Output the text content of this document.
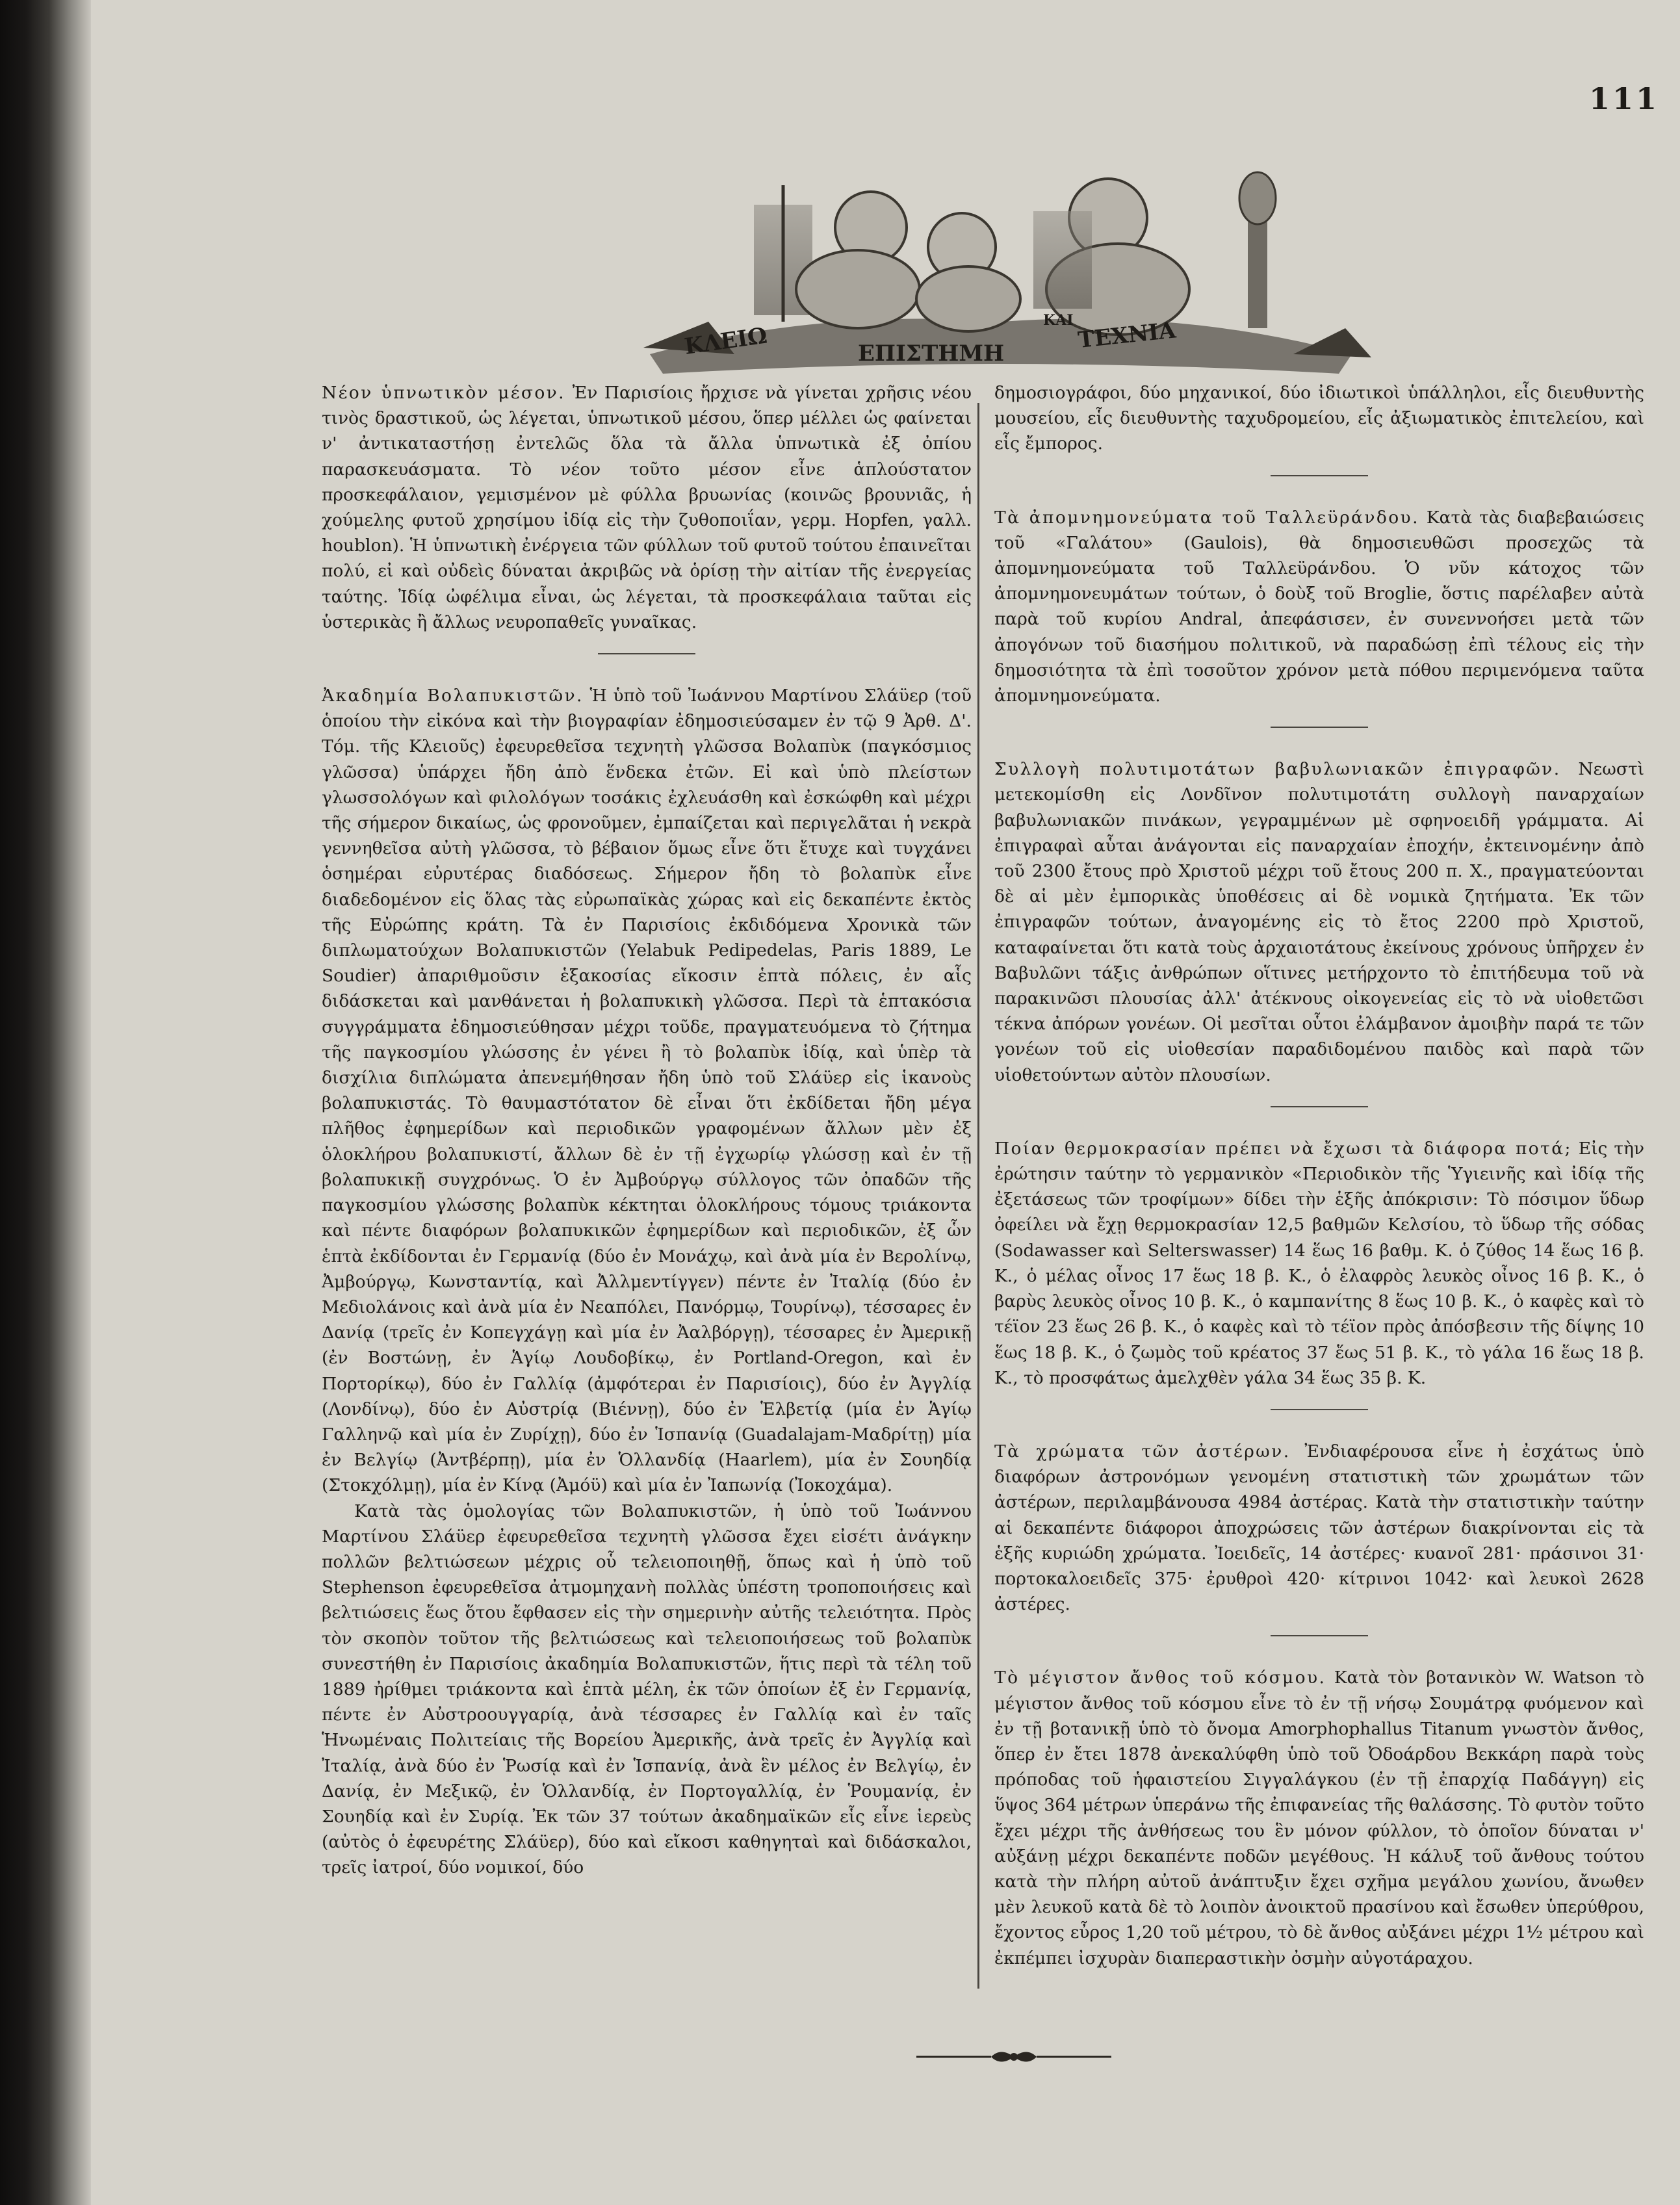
111
ΚΛΕΙΩ	ΕΠΙΣΤΗΜΗ
ΚΑΙ ΤΕΧΝΙΑ

Νέον ὑπνωτικὸν μέσον. Ἐν Παρισίοις ἤρχισε νὰ γίνεται χρῆσις νέου τινὸς δραστικοῦ, ὡς λέγεται, ὑπνωτικοῦ μέσου, ὅπερ μέλλει ὡς φαίνεται ν' ἀντικαταστήσῃ ἐντελῶς ὅλα τὰ ἄλλα ὑπνωτικὰ ἐξ ὀπίου παρασκευάσματα. Τὸ νέον τοῦτο μέσον εἶνε ἁπλούστατον προσκεφάλαιον, γεμισμένον μὲ φύλλα βρυωνίας (κοινῶς βρουνιᾶς, ἡ χούμελης φυτοῦ χρησίμου ἰδίᾳ εἰς τὴν ζυθοποιΐαν, γερμ. Hopfen, γαλλ. houblon). Ἡ ὑπνωτικὴ ἐνέργεια τῶν φύλλων τοῦ φυτοῦ τούτου ἐπαινεῖται πολύ, εἰ καὶ οὐδεὶς δύναται ἀκριβῶς νὰ ὁρίσῃ τὴν αἰτίαν τῆς ἐνεργείας ταύτης. Ἰδίᾳ ὠφέλιμα εἶναι, ὡς λέγεται, τὰ προσκεφάλαια ταῦται εἰς ὑστερικὰς ἢ ἄλλως νευροπαθεῖς γυναῖκας.

Ἀκαδημία Βολαπυκιστῶν. Ἡ ὑπὸ τοῦ Ἰωάννου Μαρτίνου Σλάϋερ (τοῦ ὁποίου τὴν εἰκόνα καὶ τὴν βιογραφίαν ἐδημοσιεύσαμεν ἐν τῷ 9 Ἀρθ. Δ'. Τόμ. τῆς Κλειοῦς) ἐφευρεθεῖσα τεχνητὴ γλῶσσα Βολαπὺκ (παγκόσμιος γλῶσσα) ὑπάρχει ἤδη ἀπὸ ἕνδεκα ἐτῶν. Εἰ καὶ ὑπὸ πλείστων γλωσσολόγων καὶ φιλολόγων τοσάκις ἐχλευάσθη καὶ ἐσκώφθη καὶ μέχρι τῆς σήμερον δικαίως, ὡς φρονοῦμεν, ἐμπαίζεται καὶ περιγελᾶται ἡ νεκρὰ γεννηθεῖσα αὐτὴ γλῶσσα, τὸ βέβαιον ὅμως εἶνε ὅτι ἔτυχε καὶ τυγχάνει ὁσημέραι εὐρυτέρας διαδόσεως. Σήμερον ἤδη τὸ βολαπὺκ εἶνε διαδεδομένον εἰς ὅλας τὰς εὐρωπαϊκὰς χώρας καὶ εἰς δεκαπέντε ἐκτὸς τῆς Εὐρώπης κράτη. Τὰ ἐν Παρισίοις ἐκδιδόμενα Χρονικὰ τῶν διπλωματούχων Βολαπυκιστῶν (Yelabuk Pedipedelas, Paris 1889, Le Soudier) ἀπαριθμοῦσιν ἑξακοσίας εἴκοσιν ἑπτὰ πόλεις, ἐν αἷς διδάσκεται καὶ μανθάνεται ἡ βολαπυκικὴ γλῶσσα. Περὶ τὰ ἑπτακόσια συγγράμματα ἐδημοσιεύθησαν μέχρι τοῦδε, πραγματευόμενα τὸ ζήτημα τῆς παγκοσμίου γλώσσης ἐν γένει ἢ τὸ βολαπὺκ ἰδίᾳ, καὶ ὑπὲρ τὰ δισχίλια διπλώματα ἀπενεμήθησαν ἤδη ὑπὸ τοῦ Σλάϋερ εἰς ἱκανοὺς βολαπυκιστάς. Τὸ θαυμαστότατον δὲ εἶναι ὅτι ἐκδίδεται ἤδη μέγα πλῆθος ἐφημερίδων καὶ περιοδικῶν γραφομένων ἄλλων μὲν ἐξ ὁλοκλήρου βολαπυκιστί, ἄλλων δὲ ἐν τῇ ἐγχωρίῳ γλώσσῃ καὶ ἐν τῇ βολαπυκικῇ συγχρόνως. Ὁ ἐν Ἀμβούργῳ σύλλογος τῶν ὀπαδῶν τῆς παγκοσμίου γλώσσης βολαπὺκ κέκτηται ὁλοκλήρους τόμους τριάκοντα καὶ πέντε διαφόρων βολαπυκικῶν ἐφημερίδων καὶ περιοδικῶν, ἐξ ὧν ἑπτὰ ἐκδίδονται ἐν Γερμανίᾳ (δύο ἐν Μονάχῳ, καὶ ἀνὰ μία ἐν Βερολίνῳ, Ἀμβούργῳ, Κωνσταντίᾳ, καὶ Ἀλλμεντίγγεν) πέντε ἐν Ἰταλίᾳ (δύο ἐν Μεδιολάνοις καὶ ἀνὰ μία ἐν Νεαπόλει, Πανόρμῳ, Τουρίνῳ), τέσσαρες ἐν Δανίᾳ (τρεῖς ἐν Κοπεγχάγῃ καὶ μία ἐν Ἀαλβόργῃ), τέσσαρες ἐν Ἀμερικῇ (ἐν Βοστώνῃ, ἐν Ἁγίῳ Λουδοβίκῳ, ἐν Portland-Oregon, καὶ ἐν Πορτορίκῳ), δύο ἐν Γαλλίᾳ (ἀμφότεραι ἐν Παρισίοις), δύο ἐν Ἀγγλίᾳ (Λονδίνῳ), δύο ἐν Αὐστρίᾳ (Βιέννῃ), δύο ἐν Ἑλβετίᾳ (μία ἐν Ἁγίῳ Γαλληνῷ καὶ μία ἐν Ζυρίχῃ), δύο ἐν Ἱσπανίᾳ (Guadalajam-Μαδρίτῃ) μία ἐν Βελγίῳ (Ἀντβέρπῃ), μία ἐν Ὁλλανδίᾳ (Haarlem), μία ἐν Σουηδίᾳ (Στοκχόλμῃ), μία ἐν Κίνᾳ (Ἀμόϋ) καὶ μία ἐν Ἰαπωνίᾳ (Ἰοκοχάμα).

Κατὰ τὰς ὁμολογίας τῶν Βολαπυκιστῶν, ἡ ὑπὸ τοῦ Ἰωάννου Μαρτίνου Σλάϋερ ἐφευρεθεῖσα τεχνητὴ γλῶσσα ἔχει εἰσέτι ἀνάγκην πολλῶν βελτιώσεων μέχρις οὗ τελειοποιηθῇ, ὅπως καὶ ἡ ὑπὸ τοῦ Stephenson ἐφευρεθεῖσα ἀτμομηχανὴ πολλὰς ὑπέστη τροποποιήσεις καὶ βελτιώσεις ἕως ὅτου ἔφθασεν εἰς τὴν σημερινὴν αὐτῆς τελειότητα. Πρὸς τὸν σκοπὸν τοῦτον τῆς βελτιώσεως καὶ τελειοποιήσεως τοῦ βολαπὺκ συνεστήθη ἐν Παρισίοις ἀκαδημία Βολαπυκιστῶν, ἥτις περὶ τὰ τέλη τοῦ 1889 ἠρίθμει τριάκοντα καὶ ἑπτὰ μέλη, ἐκ τῶν ὁποίων ἐξ ἐν Γερμανίᾳ, πέντε ἐν Αὐστροουγγαρίᾳ, ἀνὰ τέσσαρες ἐν Γαλλίᾳ καὶ ἐν ταῖς Ἡνωμέναις Πολιτείαις τῆς Βορείου Ἀμερικῆς, ἀνὰ τρεῖς ἐν Ἀγγλίᾳ καὶ Ἰταλίᾳ, ἀνὰ δύο ἐν Ῥωσίᾳ καὶ ἐν Ἱσπανίᾳ, ἀνὰ ἓν μέλος ἐν Βελγίῳ, ἐν Δανίᾳ, ἐν Μεξικῷ, ἐν Ὁλλανδίᾳ, ἐν Πορτογαλλίᾳ, ἐν Ῥουμανίᾳ, ἐν Σουηδίᾳ καὶ ἐν Συρίᾳ. Ἐκ τῶν 37 τούτων ἀκαδημαϊκῶν εἷς εἶνε ἱερεὺς (αὐτὸς ὁ ἐφευρέτης Σλάϋερ), δύο καὶ εἴκοσι καθηγηταὶ καὶ διδάσκαλοι, τρεῖς ἰατροί, δύο νομικοί, δύο

δημοσιογράφοι, δύο μηχανικοί, δύο ἰδιωτικοὶ ὑπάλληλοι, εἷς διευθυντὴς μουσείου, εἷς διευθυντὴς ταχυδρομείου, εἷς ἀξιωματικὸς ἐπιτελείου, καὶ εἷς ἔμπορος.

Τὰ ἀπομνημονεύματα τοῦ Ταλλεϋράνδου. Κατὰ τὰς διαβεβαιώσεις τοῦ «Γαλάτου» (Gaulois), θὰ δημοσιευθῶσι προσεχῶς τὰ ἀπομνημονεύματα τοῦ Ταλλεϋράνδου. Ὁ νῦν κάτοχος τῶν ἀπομνημονευμάτων τούτων, ὁ δοὺξ τοῦ Broglie, ὅστις παρέλαβεν αὐτὰ παρὰ τοῦ κυρίου Andral, ἀπεφάσισεν, ἐν συνεννοήσει μετὰ τῶν ἀπογόνων τοῦ διασήμου πολιτικοῦ, νὰ παραδώσῃ ἐπὶ τέλους εἰς τὴν δημοσιότητα τὰ ἐπὶ τοσοῦτον χρόνον μετὰ πόθου περιμενόμενα ταῦτα ἀπομνημονεύματα.

Συλλογὴ πολυτιμοτάτων βαβυλωνιακῶν ἐπιγραφῶν. Νεωστὶ μετεκομίσθη εἰς Λονδῖνον πολυτιμοτάτη συλλογὴ παναρχαίων βαβυλωνιακῶν πινάκων, γεγραμμένων μὲ σφηνοειδῆ γράμματα. Αἱ ἐπιγραφαὶ αὗται ἀνάγονται εἰς παναρχαίαν ἐποχήν, ἐκτεινομένην ἀπὸ τοῦ 2300 ἔτους πρὸ Χριστοῦ μέχρι τοῦ ἔτους 200 π. Χ., πραγματεύονται δὲ αἱ μὲν ἐμπορικὰς ὑποθέσεις αἱ δὲ νομικὰ ζητήματα. Ἐκ τῶν ἐπιγραφῶν τούτων, ἀναγομένης εἰς τὸ ἔτος 2200 πρὸ Χριστοῦ, καταφαίνεται ὅτι κατὰ τοὺς ἀρχαιοτάτους ἐκείνους χρόνους ὑπῆρχεν ἐν Βαβυλῶνι τάξις ἀνθρώπων οἵτινες μετήρχοντο τὸ ἐπιτήδευμα τοῦ νὰ παρακινῶσι πλουσίας ἀλλ' ἀτέκνους οἰκογενείας εἰς τὸ νὰ υἱοθετῶσι τέκνα ἀπόρων γονέων. Οἱ μεσῖται οὗτοι ἐλάμβανον ἀμοιβὴν παρά τε τῶν γονέων τοῦ εἰς υἱοθεσίαν παραδιδομένου παιδὸς καὶ παρὰ τῶν υἱοθετούντων αὐτὸν πλουσίων.

Ποίαν θερμοκρασίαν πρέπει νὰ ἔχωσι τὰ διάφορα ποτά; Εἰς τὴν ἐρώτησιν ταύτην τὸ γερμανικὸν «Περιοδικὸν τῆς Ὑγιεινῆς καὶ ἰδίᾳ τῆς ἐξετάσεως τῶν τροφίμων» δίδει τὴν ἑξῆς ἀπόκρισιν: Τὸ πόσιμον ὕδωρ ὀφείλει νὰ ἔχῃ θερμοκρασίαν 12,5 βαθμῶν Κελσίου, τὸ ὕδωρ τῆς σόδας (Sodawasser καὶ Selterswasser) 14 ἕως 16 βαθμ. Κ. ὁ ζύθος 14 ἕως 16 β. Κ., ὁ μέλας οἶνος 17 ἕως 18 β. Κ., ὁ ἐλαφρὸς λευκὸς οἶνος 16 β. Κ., ὁ βαρὺς λευκὸς οἶνος 10 β. Κ., ὁ καμπανίτης 8 ἕως 10 β. Κ., ὁ καφὲς καὶ τὸ τέϊον 23 ἕως 26 β. Κ., ὁ καφὲς καὶ τὸ τέϊον πρὸς ἀπόσβεσιν τῆς δίψης 10 ἕως 18 β. Κ., ὁ ζωμὸς τοῦ κρέατος 37 ἕως 51 β. Κ., τὸ γάλα 16 ἕως 18 β. Κ., τὸ προσφάτως ἀμελχθὲν γάλα 34 ἕως 35 β. Κ.

Τὰ χρώματα τῶν ἀστέρων. Ἐνδιαφέρουσα εἶνε ἡ ἐσχάτως ὑπὸ διαφόρων ἀστρονόμων γενομένη στατιστικὴ τῶν χρωμάτων τῶν ἀστέρων, περιλαμβάνουσα 4984 ἀστέρας. Κατὰ τὴν στατιστικὴν ταύτην αἱ δεκαπέντε διάφοροι ἀποχρώσεις τῶν ἀστέρων διακρίνονται εἰς τὰ ἑξῆς κυριώδη χρώματα. Ἰοειδεῖς, 14 ἀστέρες· κυανοῖ 281· πράσινοι 31· πορτοκαλοειδεῖς 375· ἐρυθροὶ 420· κίτρινοι 1042· καὶ λευκοὶ 2628 ἀστέρες.

Τὸ μέγιστον ἄνθος τοῦ κόσμου. Κατὰ τὸν βοτανικὸν W. Watson τὸ μέγιστον ἄνθος τοῦ κόσμου εἶνε τὸ ἐν τῇ νήσῳ Σουμάτρᾳ φυόμενον καὶ ἐν τῇ βοτανικῇ ὑπὸ τὸ ὄνομα Amorphophallus Titanum γνωστὸν ἄνθος, ὅπερ ἐν ἔτει 1878 ἀνεκαλύφθη ὑπὸ τοῦ Ὀδοάρδου Βεκκάρη παρὰ τοὺς πρόποδας τοῦ ἡφαιστείου Σιγγαλάγκου (ἐν τῇ ἐπαρχίᾳ Παδάγγη) εἰς ὕψος 364 μέτρων ὑπεράνω τῆς ἐπιφανείας τῆς θαλάσσης. Τὸ φυτὸν τοῦτο ἔχει μέχρι τῆς ἀνθήσεως του ἓν μόνον φύλλον, τὸ ὁποῖον δύναται ν' αὐξάνῃ μέχρι δεκαπέντε ποδῶν μεγέθους. Ἡ κάλυξ τοῦ ἄνθους τούτου κατὰ τὴν πλήρη αὐτοῦ ἀνάπτυξιν ἔχει σχῆμα μεγάλου χωνίου, ἄνωθεν μὲν λευκοῦ κατὰ δὲ τὸ λοιπὸν ἀνοικτοῦ πρασίνου καὶ ἔσωθεν ὑπερύθρου, ἔχοντος εὖρος 1,20 τοῦ μέτρου, τὸ δὲ ἄνθος αὐξάνει μέχρι 1½ μέτρου καὶ ἐκπέμπει ἰσχυρὰν διαπεραστικὴν ὀσμὴν αὐγοτάραχου.
